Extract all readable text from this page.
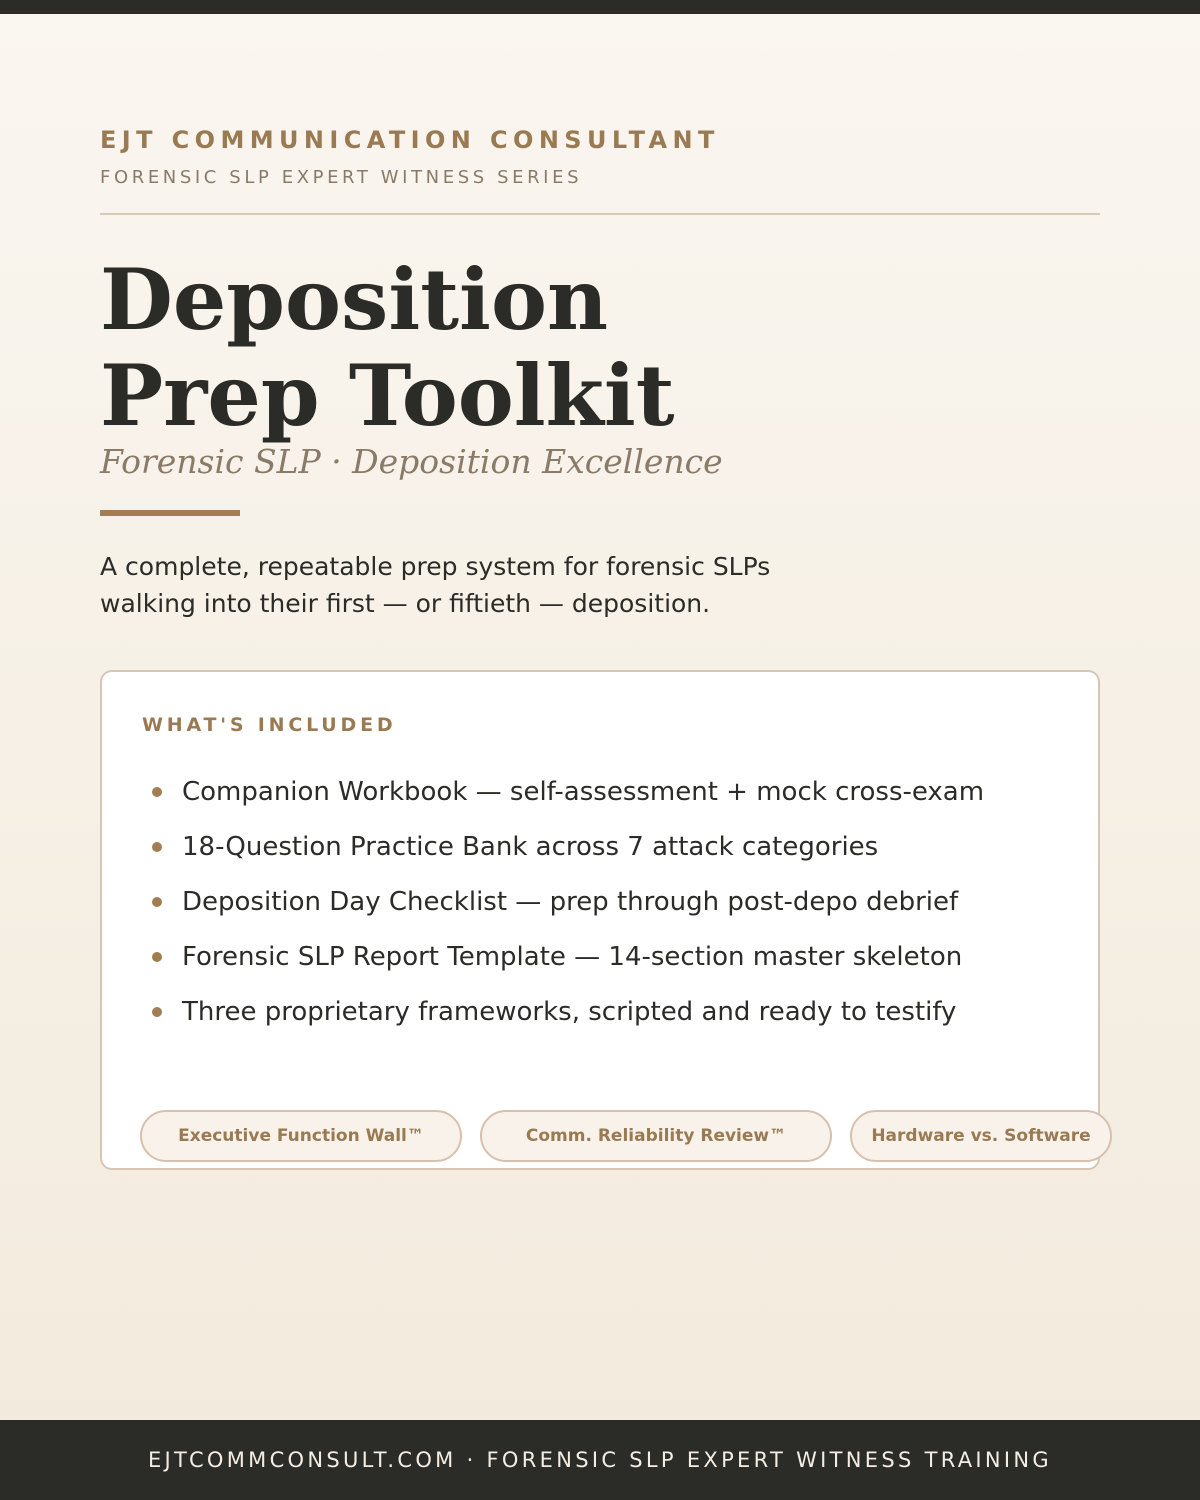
EJT COMMUNICATION CONSULTANT
FORENSIC SLP EXPERT WITNESS SERIES
Deposition
Prep Toolkit
Forensic SLP · Deposition Excellence

A complete, repeatable prep system for forensic SLPs
walking into their first — or fiftieth — deposition.

WHAT'S INCLUDED
Companion Workbook — self-assessment + mock cross-exam
18-Question Practice Bank across 7 attack categories
Deposition Day Checklist — prep through post-depo debrief
Forensic SLP Report Template — 14-section master skeleton
Three proprietary frameworks, scripted and ready to testify
Executive Function Wall™	Comm. Reliability Review™	Hardware vs. Software
EJTCOMMCONSULT.COM · FORENSIC SLP EXPERT WITNESS TRAINING
